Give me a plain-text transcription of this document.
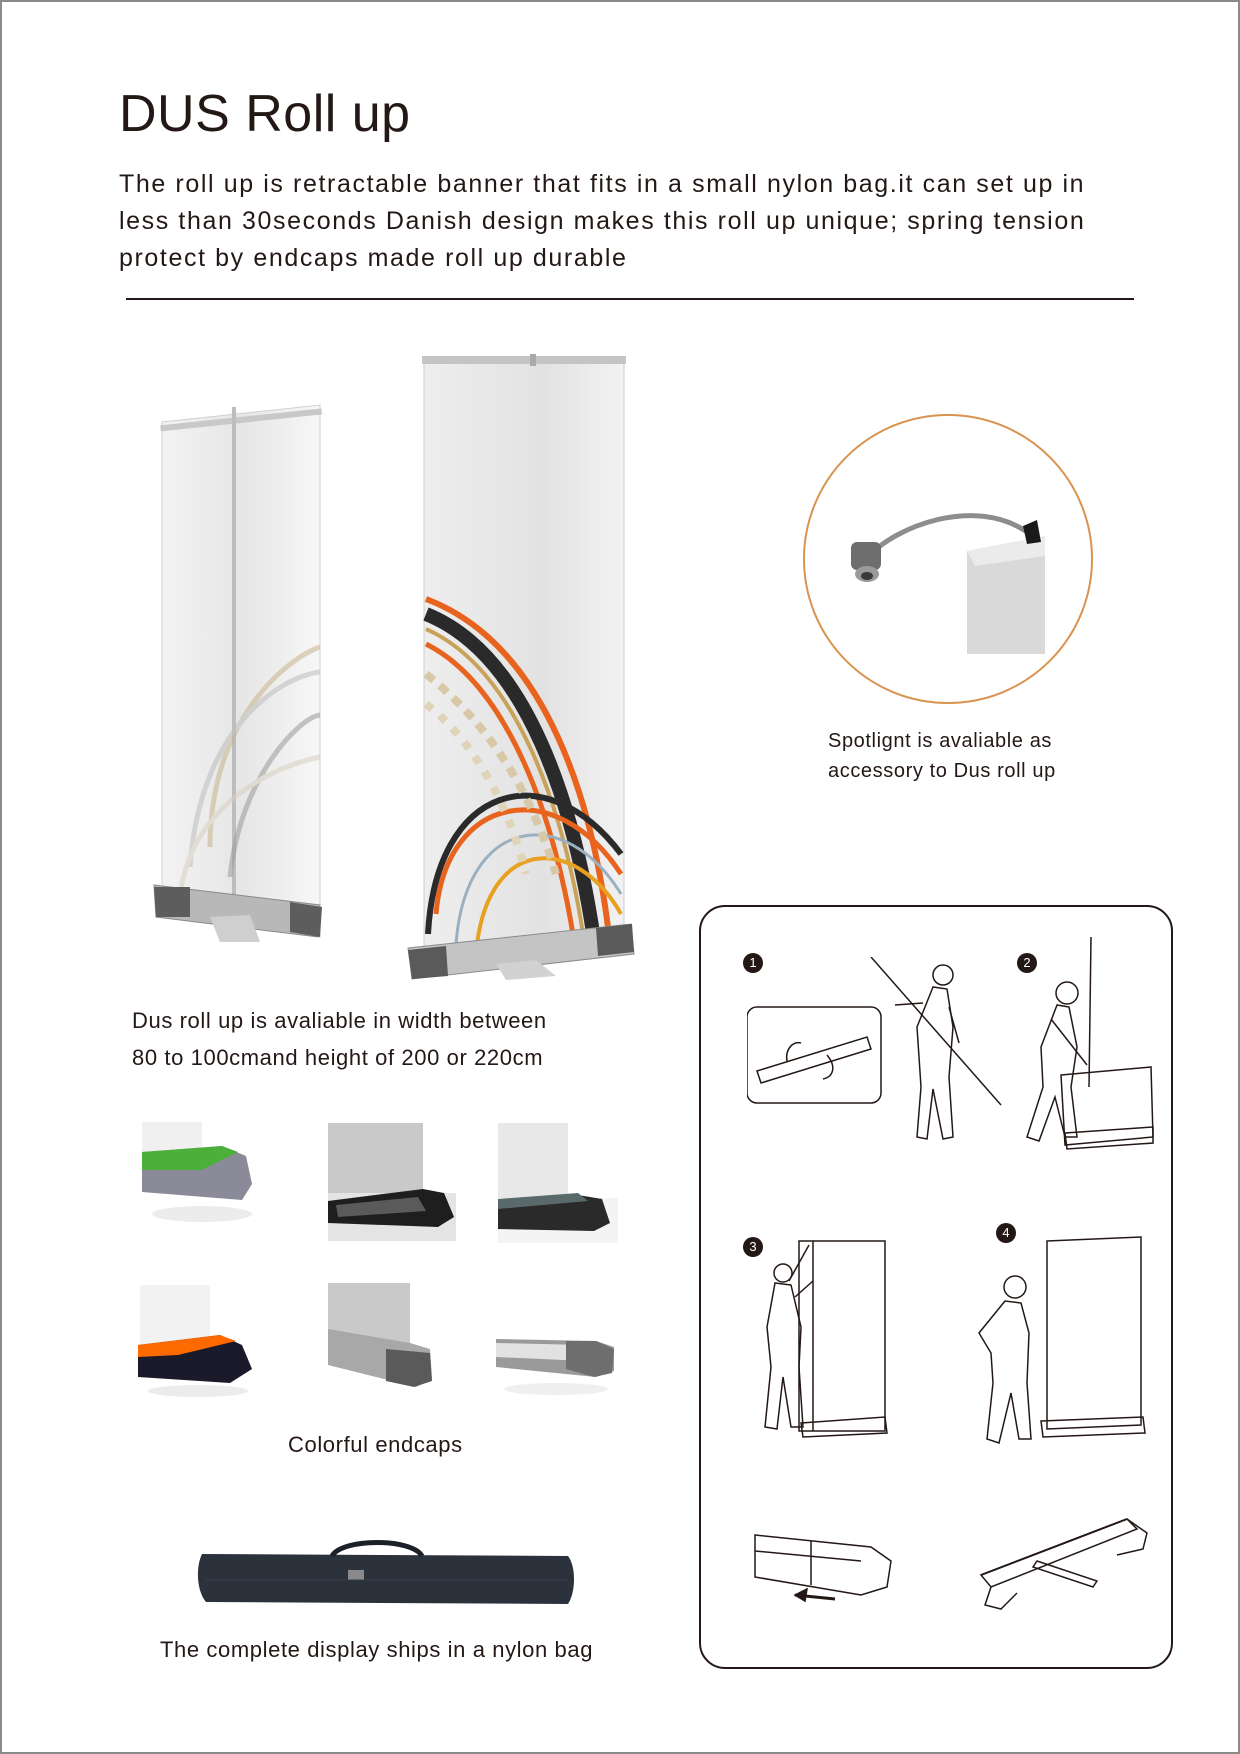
DUS Roll up

The roll up is retractable banner that fits in a small nylon bag.it can set up in less than 30seconds Danish design makes this roll up unique; spring tension protect by endcaps made roll up durable

Dus roll up is avaliable in width between
80 to 100cmand height of 200 or 220cm
Spotlignt is avaliable as
accessory to Dus roll up
Colorful endcaps
The complete display ships in a nylon bag
1	2
3
4
